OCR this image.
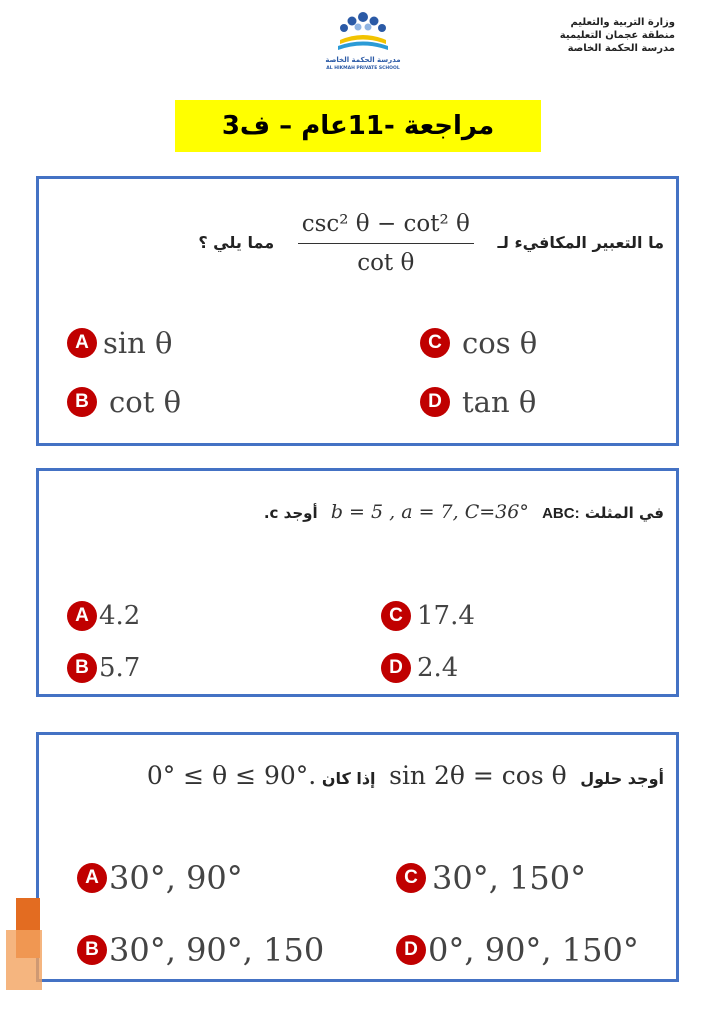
وزارة التربية والتعليم
منطقة عجمان التعليمية
مدرسة الحكمة الخاصة
مدرسة الحكمة الخاصة
AL HIKMAH PRIVATE SCHOOL
مراجعة -11عام – ف3
ما التعبير المكافيء لـ
$\frac{\text{csc² θ − cot² θ}}{\text{cot θ}}$
مما يلي ؟
A sin θ
B cot θ
C cos θ
D tan θ
في المثلث ABC: b = 5 , a = 7, C=36° أوجد c.
A 4.2
B 5.7
C 17.4
D 2.4
أوجد حلول sin 2θ = cos θ إذا كان 0° ≤ θ ≤ 90°.
A 30°, 90°
B 30°, 90°, 150
C 30°, 150°
D 0°, 90°, 150°
